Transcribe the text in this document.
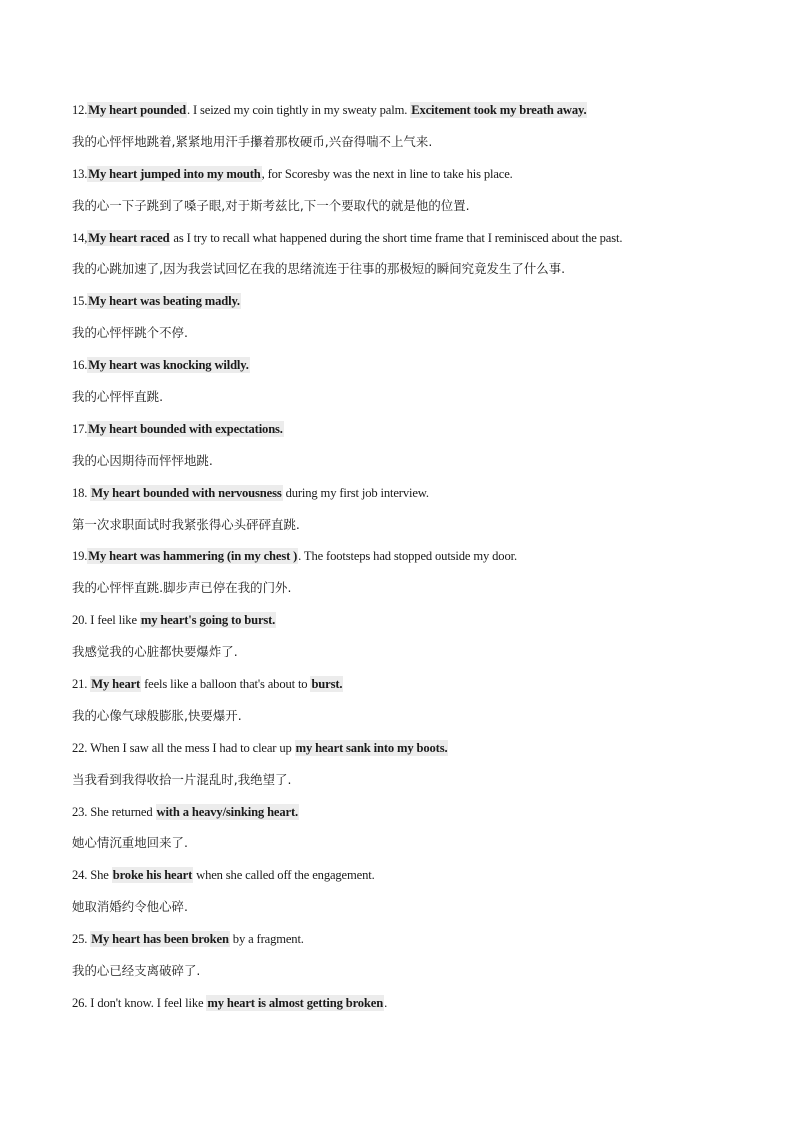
12.My heart pounded. I seized my coin tightly in my sweaty palm. Excitement took my breath away.
我的心怦怦地跳着,紧紧地用汗手攥着那枚硬币,兴奋得喘不上气来.
13.My heart jumped into my mouth, for Scoresby was the next in line to take his place.
我的心一下子跳到了嗓子眼,对于斯考兹比,下一个要取代的就是他的位置.
14,My heart raced as I try to recall what happened during the short time frame that I reminisced about the past.
我的心跳加速了,因为我尝试回忆在我的思绪流连于往事的那极短的瞬间究竟发生了什么事.
15.My heart was beating madly.
我的心怦怦跳个不停.
16.My heart was knocking wildly.
我的心怦怦直跳.
17.My heart bounded with expectations.
我的心因期待而怦怦地跳.
18. My heart bounded with nervousness during my first job interview.
第一次求职面试时我紧张得心头砰砰直跳.
19.My heart was hammering (in my chest ). The footsteps had stopped outside my door.
我的心怦怦直跳.脚步声已停在我的门外.
20. I feel like my heart's going to burst.
我感觉我的心脏都快要爆炸了.
21. My heart feels like a balloon that's about to burst.
我的心像气球般膨胀,快要爆开.
22. When I saw all the mess I had to clear up my heart sank into my boots.
当我看到我得收拾一片混乱时,我绝望了.
23. She returned with a heavy/sinking heart.
她心情沉重地回来了.
24. She broke his heart when she called off the engagement.
她取消婚约令他心碎.
25. My heart has been broken by a fragment.
我的心已经支离破碎了.
26. I don't know. I feel like my heart is almost getting broken.
